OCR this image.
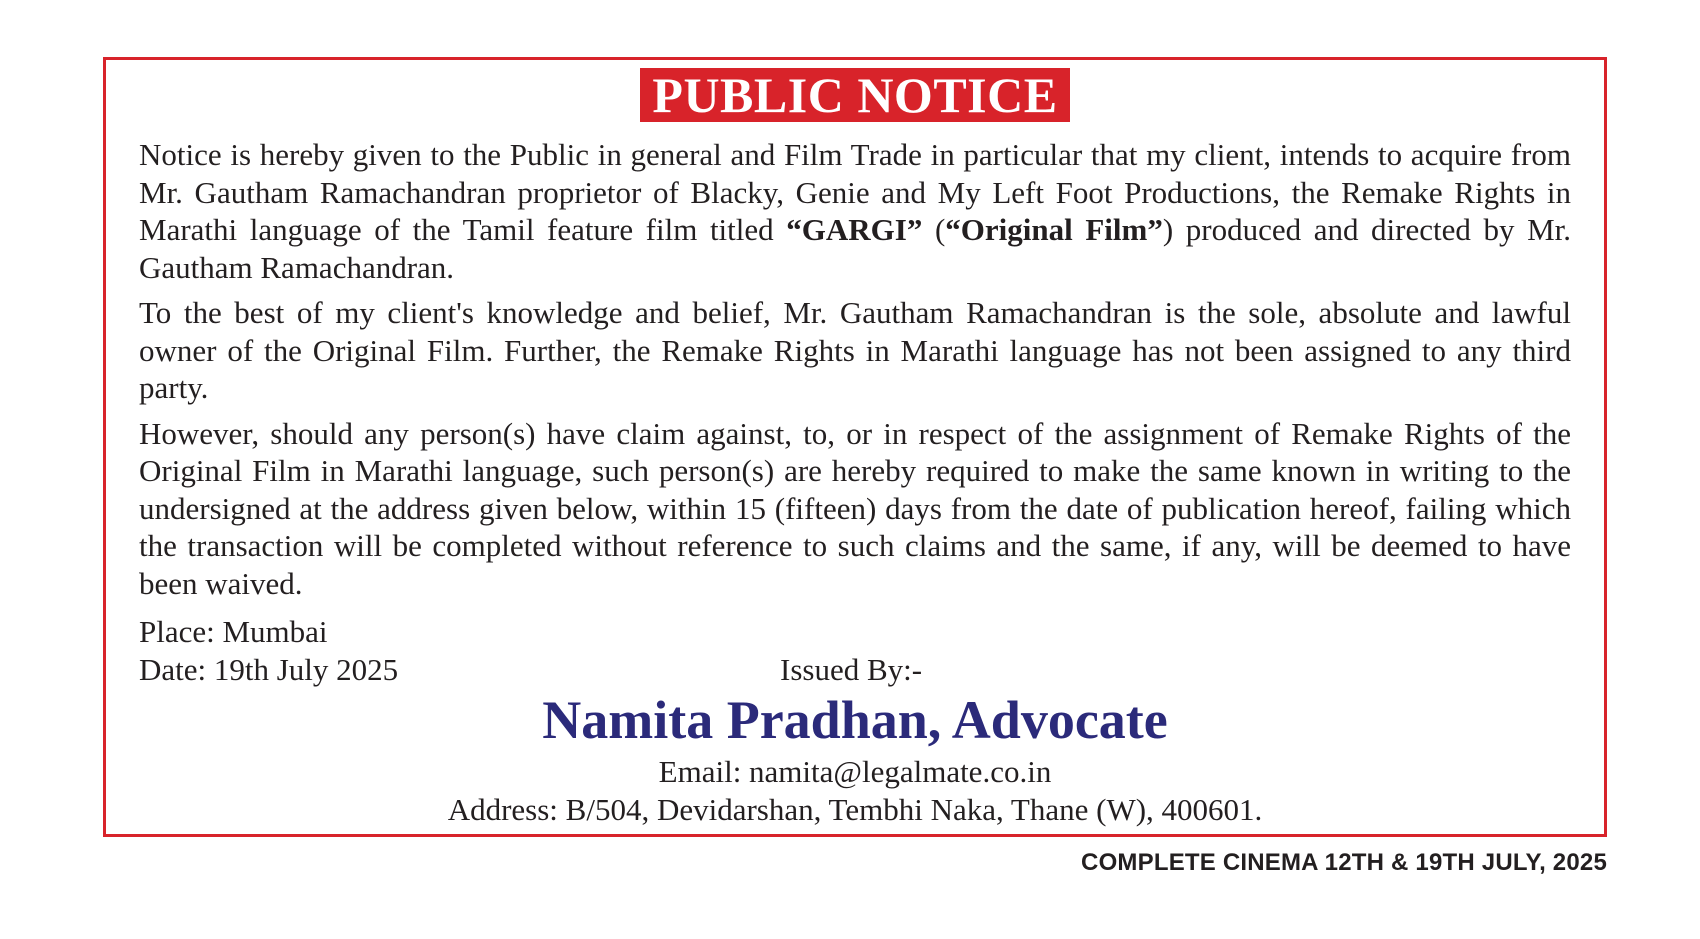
PUBLIC NOTICE

Notice is hereby given to the Public in general and Film Trade in particular that my client, intends to acquire from Mr. Gautham Ramachandran proprietor of Blacky, Genie and My Left Foot Productions, the Remake Rights in Marathi language of the Tamil feature film titled “GARGI” (“Original Film”) produced and directed by Mr. Gautham Ramachandran.

To the best of my client's knowledge and belief, Mr. Gautham Ramachandran is the sole, absolute and lawful owner of the Original Film. Further, the Remake Rights in Marathi language has not been assigned to any third party.

However, should any person(s) have claim against, to, or in respect of the assignment of Remake Rights of the Original Film in Marathi language, such person(s) are hereby required to make the same known in writing to the undersigned at the address given below, within 15 (fifteen) days from the date of publication hereof, failing which the transaction will be completed without reference to such claims and the same, if any, will be deemed to have been waived.

Place: Mumbai
Date: 19th July 2025	Issued By:-
Namita Pradhan, Advocate
Email: namita@legalmate.co.in
Address: B/504, Devidarshan, Tembhi Naka, Thane (W), 400601.
COMPLETE CINEMA 12TH & 19TH JULY, 2025
